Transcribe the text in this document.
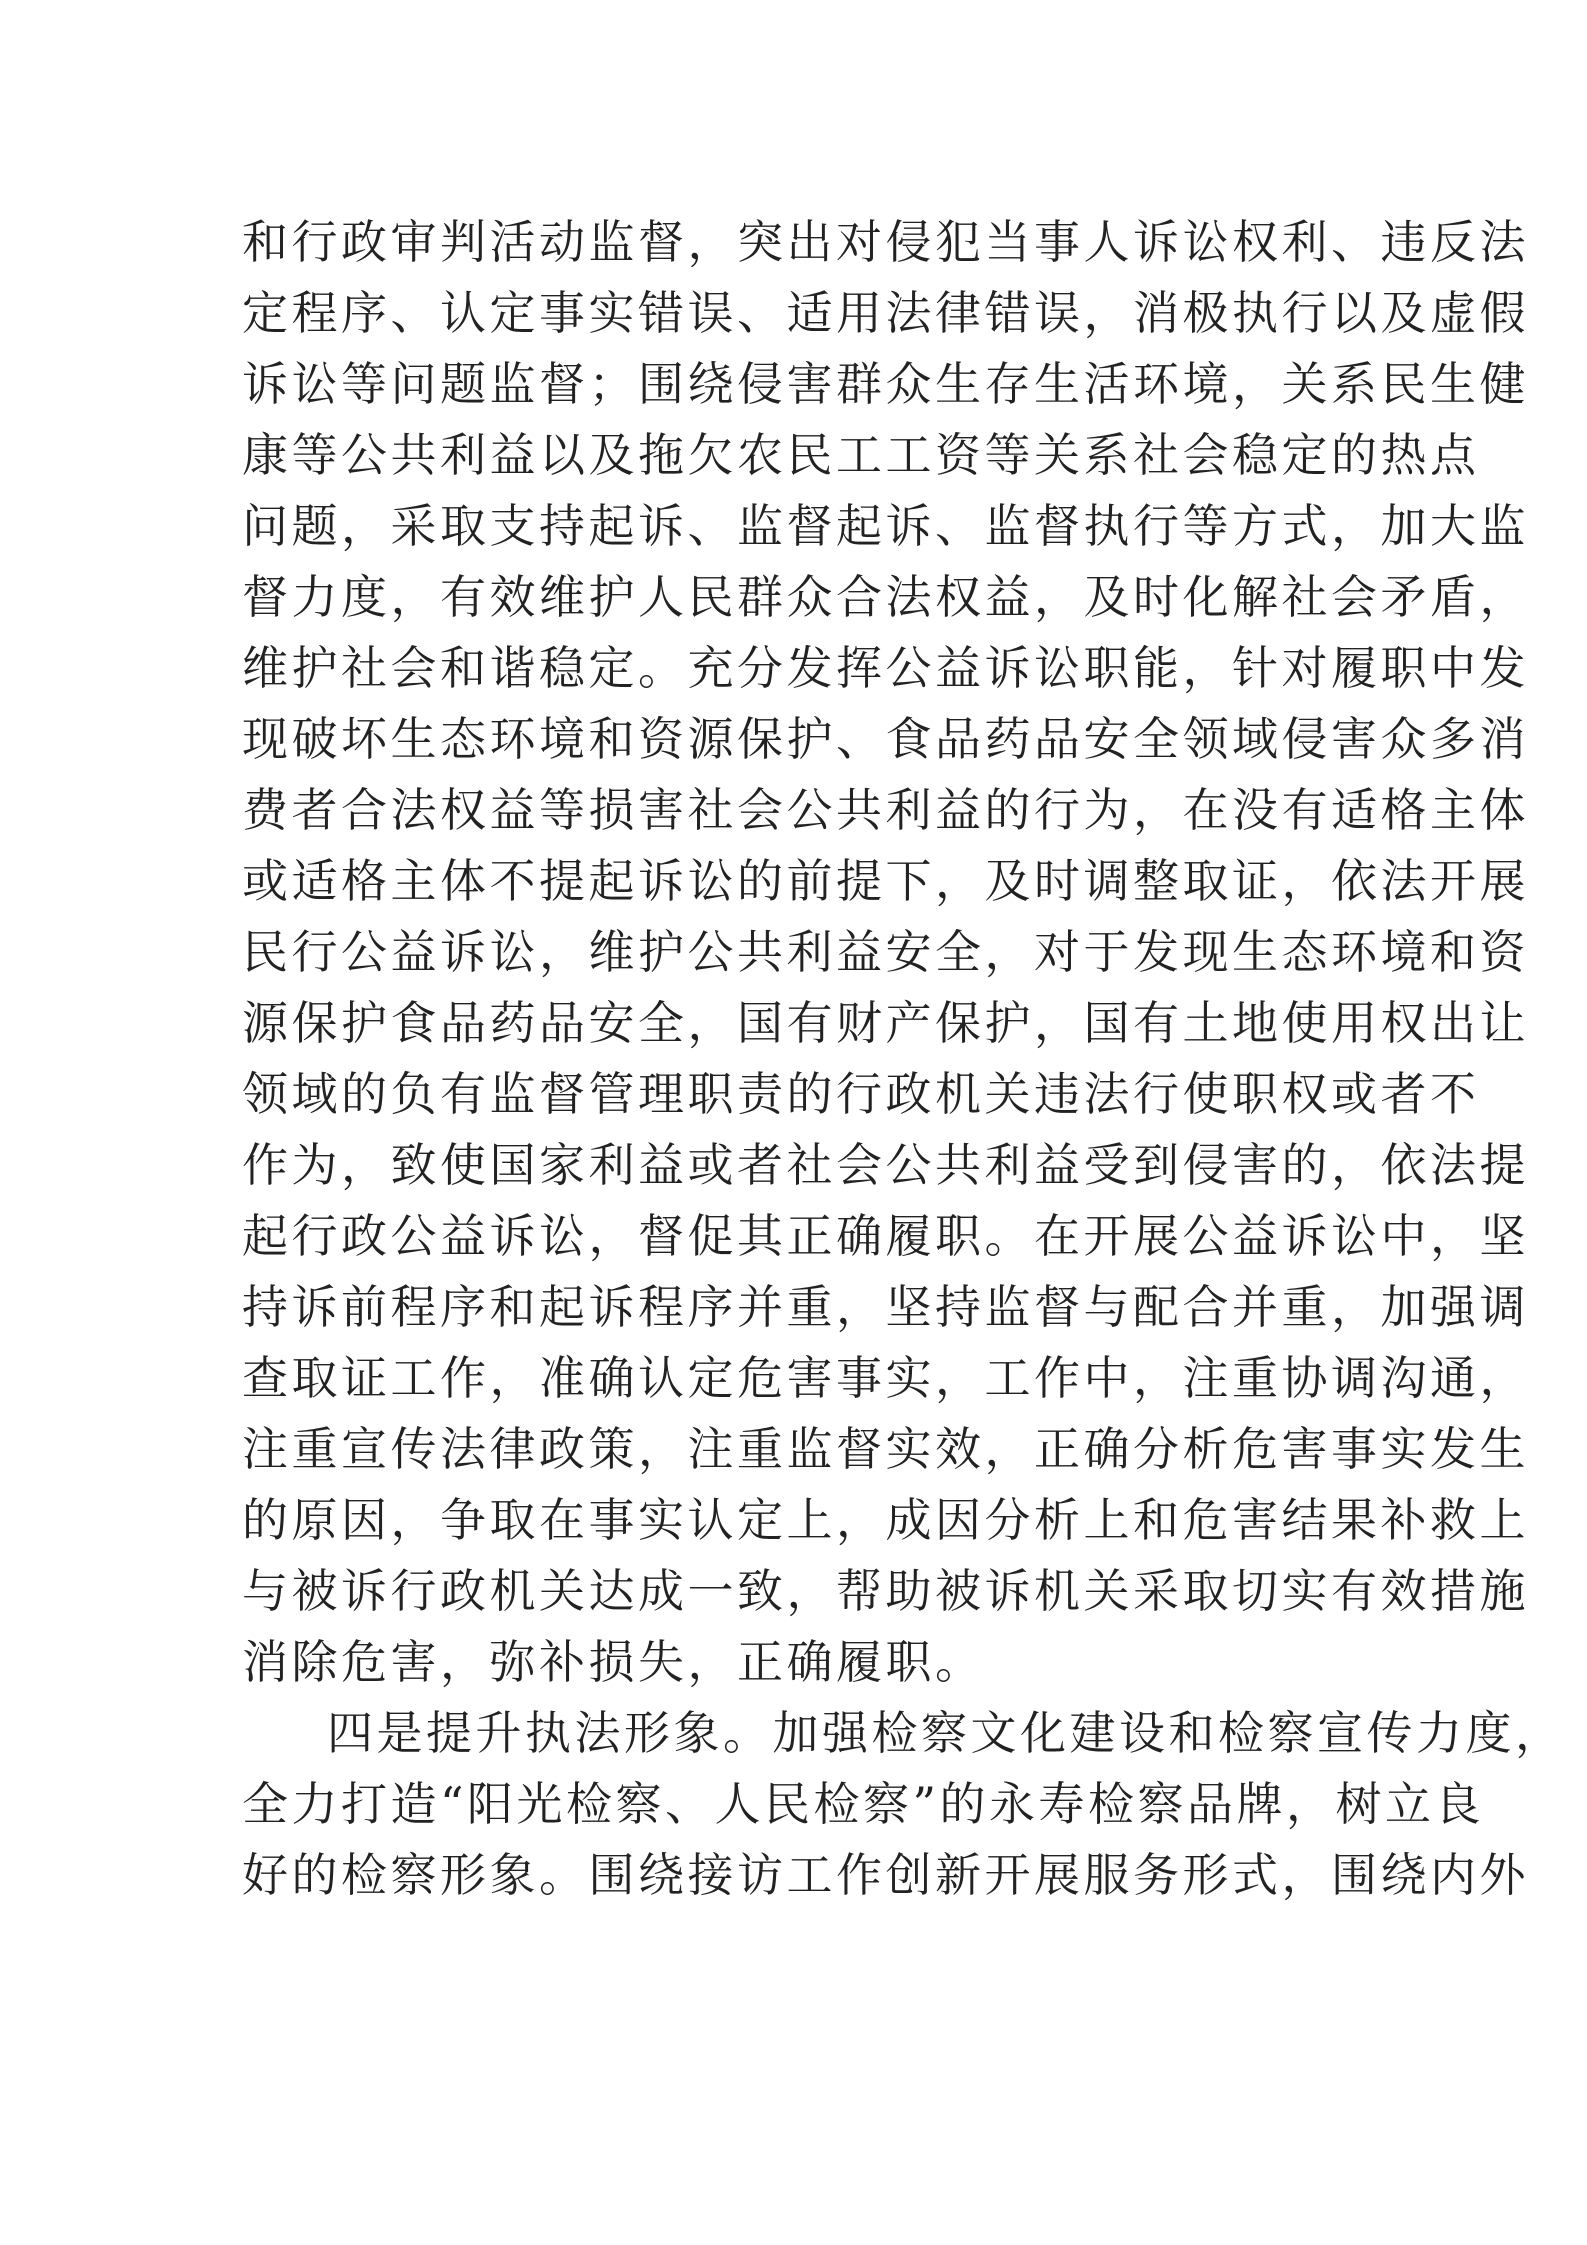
和行政审判活动监督，突出对侵犯当事人诉讼权利、违反法
定程序、认定事实错误、适用法律错误，消极执行以及虚假
诉讼等问题监督；围绕侵害群众生存生活环境，关系民生健
康等公共利益以及拖欠农民工工资等关系社会稳定的热点
问题，采取支持起诉、监督起诉、监督执行等方式，加大监
督力度，有效维护人民群众合法权益，及时化解社会矛盾，
维护社会和谐稳定。充分发挥公益诉讼职能，针对履职中发
现破坏生态环境和资源保护、食品药品安全领域侵害众多消
费者合法权益等损害社会公共利益的行为，在没有适格主体
或适格主体不提起诉讼的前提下，及时调整取证，依法开展
民行公益诉讼，维护公共利益安全，对于发现生态环境和资
源保护食品药品安全，国有财产保护，国有土地使用权出让
领域的负有监督管理职责的行政机关违法行使职权或者不
作为，致使国家利益或者社会公共利益受到侵害的，依法提
起行政公益诉讼，督促其正确履职。在开展公益诉讼中，坚
持诉前程序和起诉程序并重，坚持监督与配合并重，加强调
查取证工作，准确认定危害事实，工作中，注重协调沟通，
注重宣传法律政策，注重监督实效，正确分析危害事实发生
的原因，争取在事实认定上，成因分析上和危害结果补救上
与被诉行政机关达成一致，帮助被诉机关采取切实有效措施
消除危害，弥补损失，正确履职。
四是提升执法形象。加强检察文化建设和检察宣传力度，
全力打造“阳光检察、人民检察”的永寿检察品牌，树立良
好的检察形象。围绕接访工作创新开展服务形式，围绕内外
